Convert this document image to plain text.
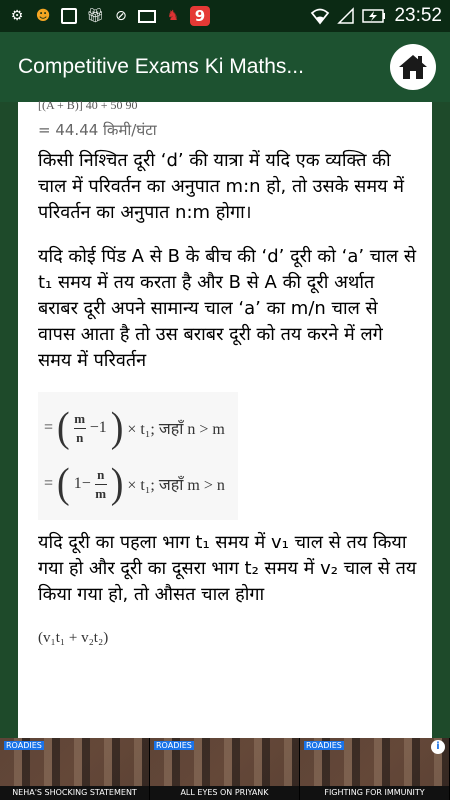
⚙ ☻	🎁︎ ⊘	♞	9	23:52
Competitive Exams Ki Maths...
[(A + B)] 40 + 50 90
= 44.44 किमी/घंटा

किसी निश्चित दूरी ‘d’ की यात्रा में यदि एक व्यक्ति की चाल में परिवर्तन का अनुपात m:n हो, तो उसके समय में परिवर्तन का अनुपात n:m होगा।

यदि कोई पिंड A से B के बीच की ‘d’ दूरी को ‘a’ चाल से t₁ समय में तय करता है और B से A की दूरी अर्थात बराबर दूरी अपने सामान्य चाल ‘a’ का m/n चाल से वापस आता है तो उस बराबर दूरी को तय करने में लगे समय में परिवर्तन

= ( $\frac{m}{n} -1$ ) × t₁; जहाँ n > m
= ( $1- \frac{n}{m}$ ) × t₁; जहाँ m > n

यदि दूरी का पहला भाग t₁ समय में v₁ चाल से तय किया गया हो और दूरी का दूसरा भाग t₂ समय में v₂ चाल से तय किया गया हो, तो औसत चाल होगा

(v₁t₁ + v₂t₂)
ROADIES
NEHA'S SHOCKING STATEMENT
ROADIES
ALL EYES ON PRIYANK
ROADIES
FIGHTING FOR IMMUNITY
i
